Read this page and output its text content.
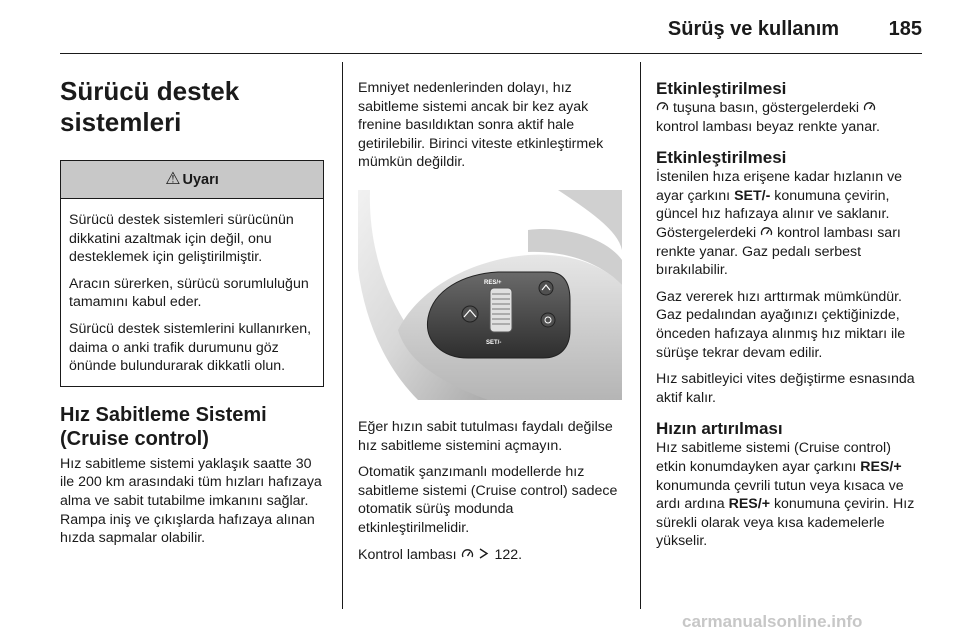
Sürüş ve kullanım 185
Sürücü destek
sistemleri
⚠ Uyarı

Sürücü destek sistemleri sürücünün dikkatini azaltmak için değil, onu desteklemek için geliştirilmiştir.

Aracın sürerken, sürücü sorumluluğun tamamını kabul eder.

Sürücü destek sistemlerini kullanırken, daima o anki trafik durumunu göz önünde bulundurarak dikkatli olun.

Hız Sabitleme Sistemi
(Cruise control)

Hız sabitleme sistemi yaklaşık saatte 30 ile 200 km arasındaki tüm hızları hafızaya alma ve sabit tutabilme imkanını sağlar. Rampa iniş ve çıkışlarda hafızaya alınan hızda sapmalar olabilir.

Emniyet nedenlerinden dolayı, hız sabitleme sistemi ancak bir kez ayak frenine basıldıktan sonra aktif hale getirilebilir. Birinci viteste etkinleştirmek mümkün değildir.

RES/+
SET/-

Eğer hızın sabit tutulması faydalı değilse hız sabitleme sistemini açmayın.

Otomatik şanzımanlı modellerde hız sabitleme sistemi (Cruise control) sadece otomatik sürüş modunda etkinleştirilmelidir.

Kontrol lambası	122.

Etkinleştirilmesi

tuşuna basın, göstergelerdeki  kontrol lambası beyaz renkte yanar.

Etkinleştirilmesi

İstenilen hıza erişene kadar hızlanın ve ayar çarkını SET/- konumuna çevirin, güncel hız hafızaya alınır ve saklanır. Göstergelerdeki kontrol lambası sarı renkte yanar. Gaz pedalı serbest bırakılabilir.

Gaz vererek hızı arttırmak mümkündür. Gaz pedalından ayağınızı çektiğinizde, önceden hafızaya alınmış hız miktarı ile sürüşe tekrar devam edilir.

Hız sabitleyici vites değiştirme esnasında aktif kalır.

Hızın artırılması

Hız sabitleme sistemi (Cruise control) etkin konumdayken ayar çarkını RES/+ konumunda çevrili tutun veya kısaca ve ardı ardına RES/+ konumuna çevirin. Hız sürekli olarak veya kısa kademelerle yükselir.

carmanualsonline.info
